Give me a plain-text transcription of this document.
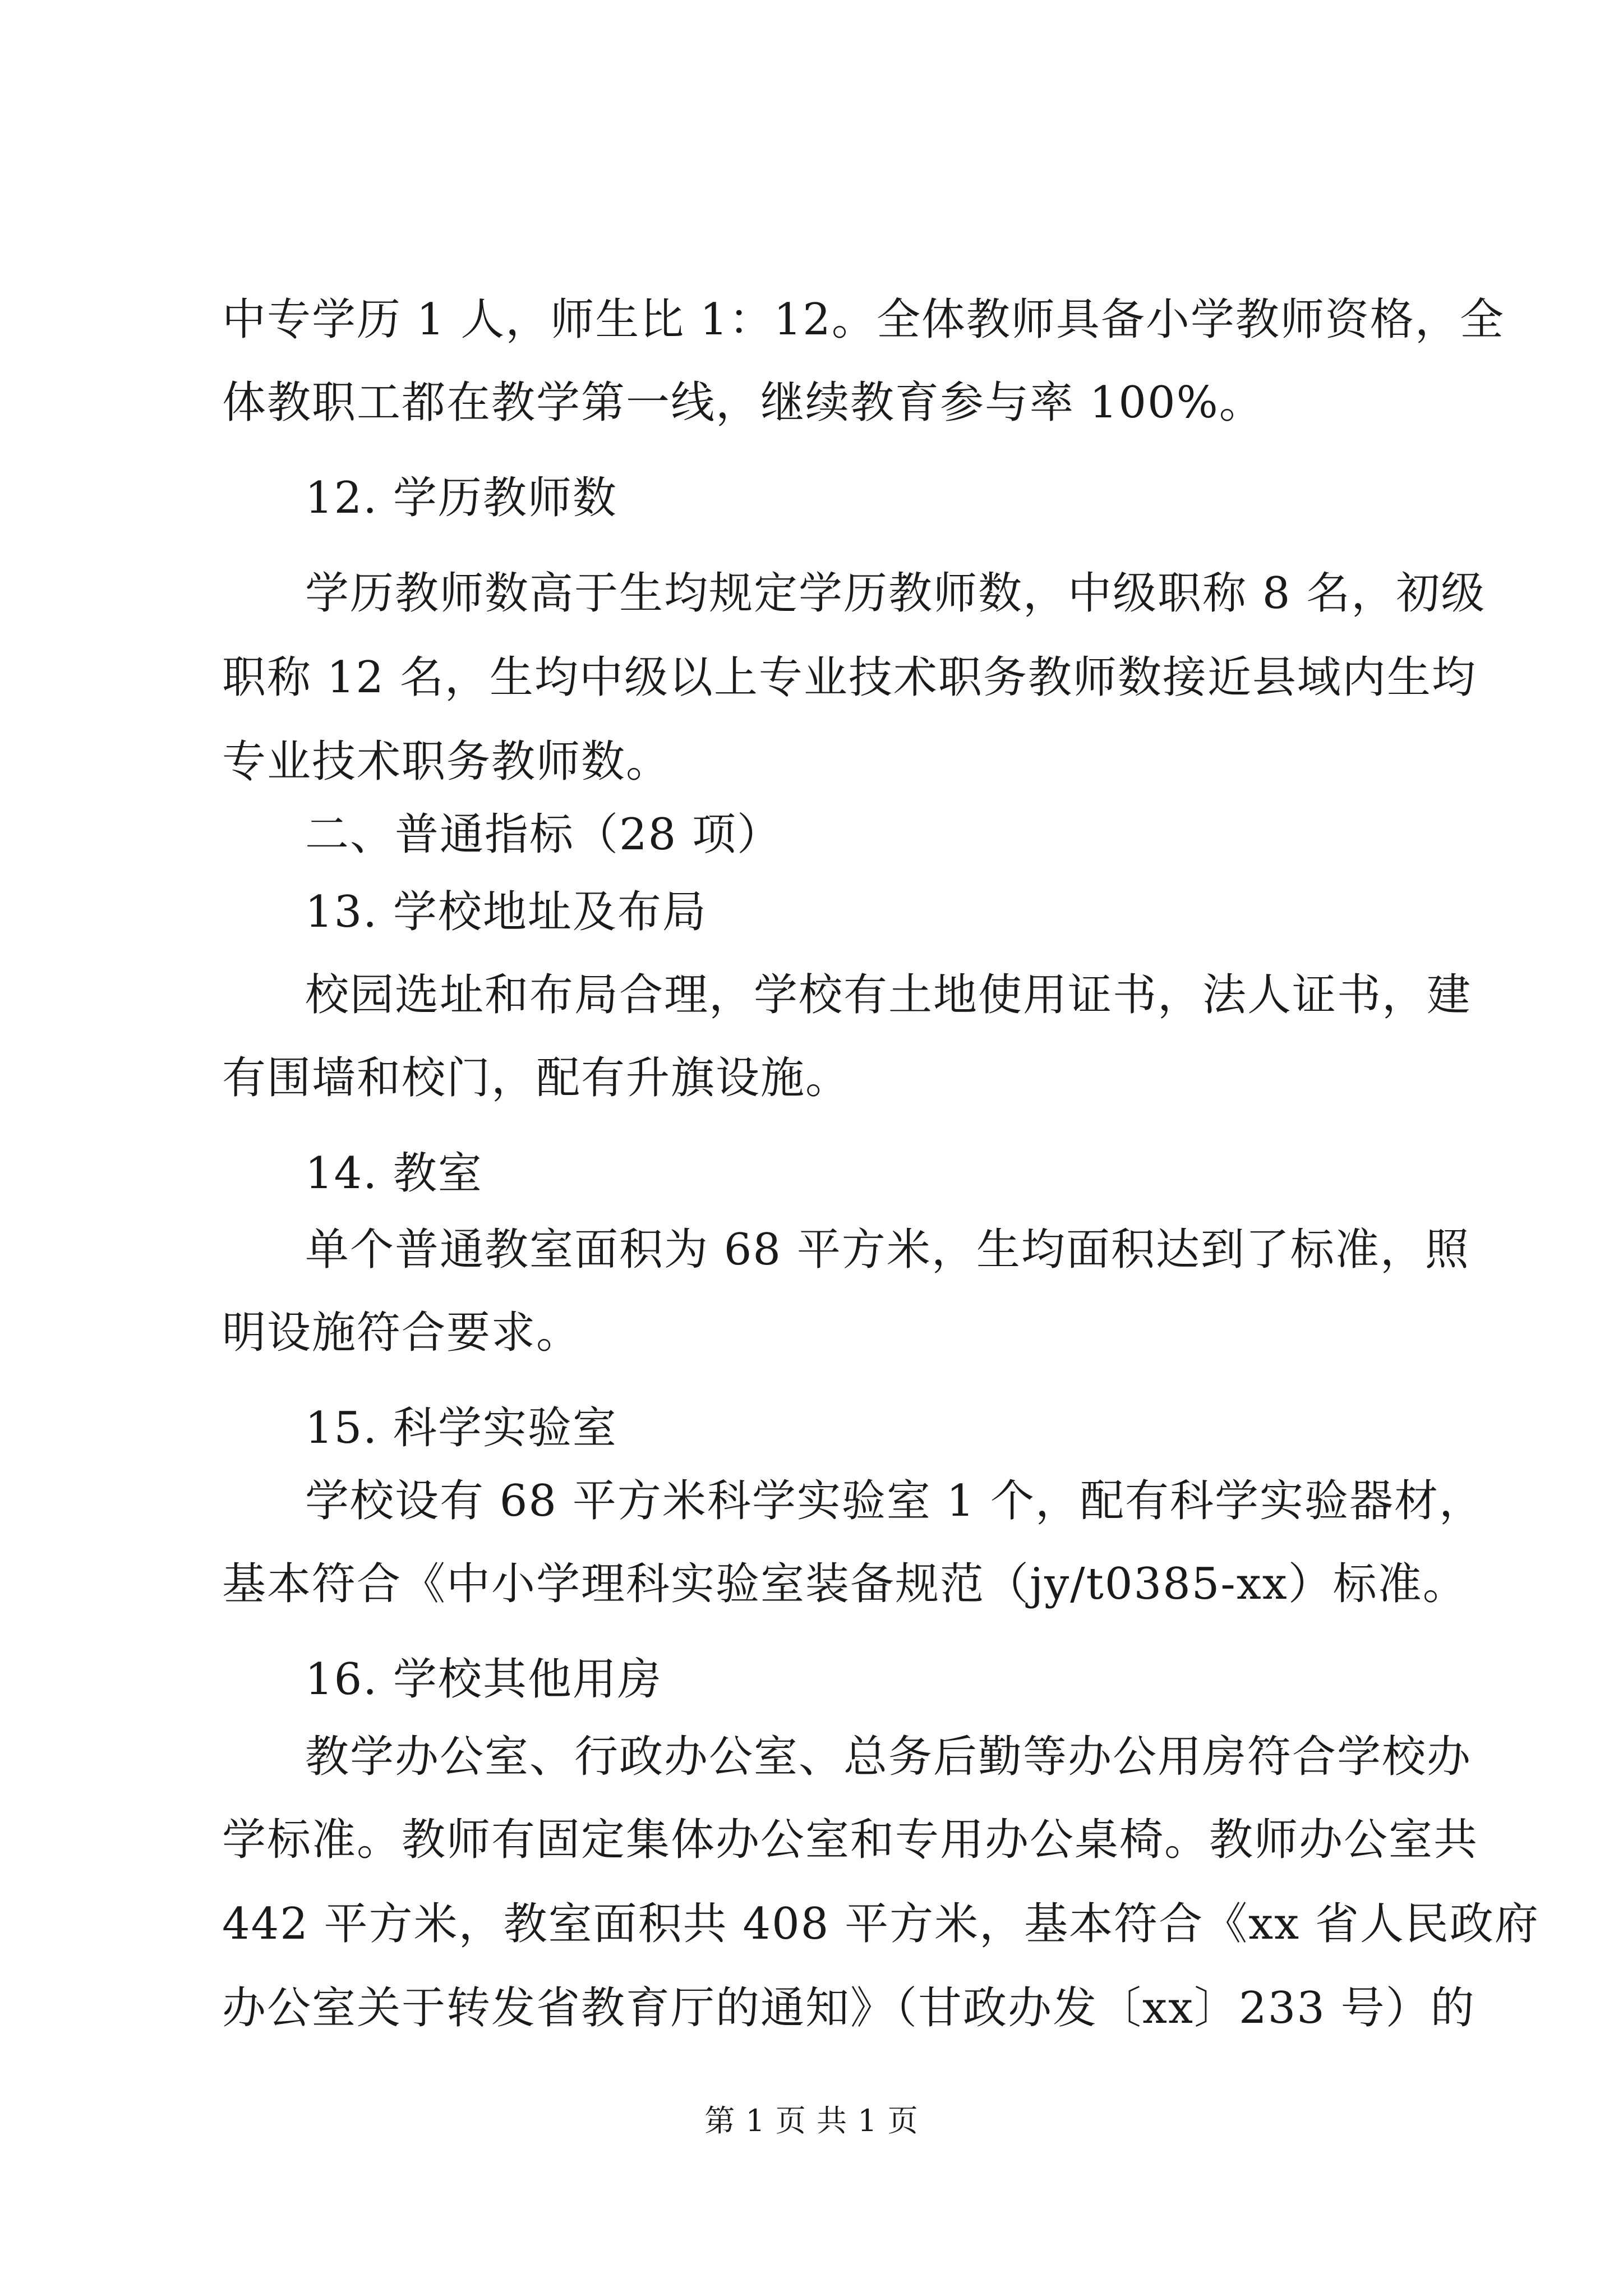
中专学历 1 人，师生比 1：12。全体教师具备小学教师资格，全
体教职工都在教学第一线，继续教育参与率 100%。
12. 学历教师数
学历教师数高于生均规定学历教师数，中级职称 8 名，初级
职称 12 名，生均中级以上专业技术职务教师数接近县域内生均
专业技术职务教师数。
二、普通指标（28 项）
13. 学校地址及布局
校园选址和布局合理，学校有土地使用证书，法人证书，建
有围墙和校门，配有升旗设施。
14. 教室
单个普通教室面积为 68 平方米，生均面积达到了标准，照
明设施符合要求。
15. 科学实验室
学校设有 68 平方米科学实验室 1 个，配有科学实验器材，
基本符合《中小学理科实验室装备规范（jy/t0385-xx）标准。
16. 学校其他用房
教学办公室、行政办公室、总务后勤等办公用房符合学校办
学标准。教师有固定集体办公室和专用办公桌椅。教师办公室共
442 平方米，教室面积共 408 平方米，基本符合《xx 省人民政府
办公室关于转发省教育厅的通知》（甘政办发〔xx〕233 号）的
第 1 页 共 1 页
